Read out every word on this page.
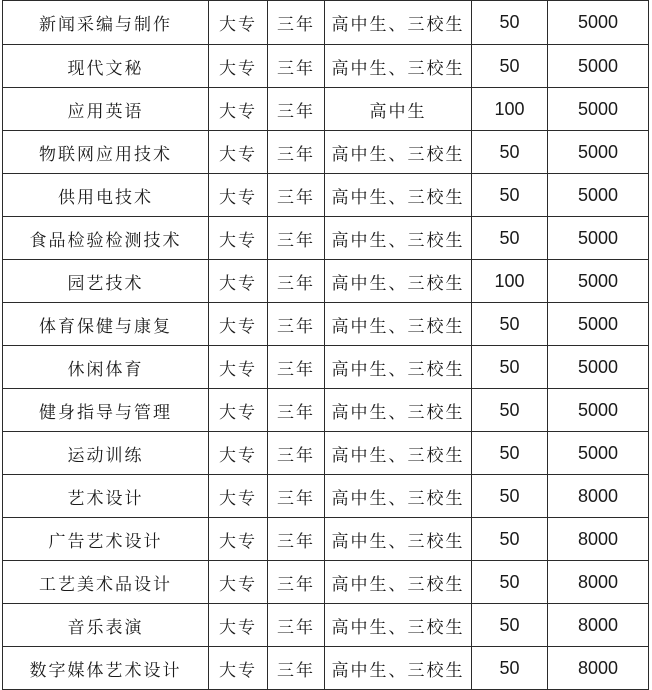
新闻采编与制作	大专	三年	高中生、三校生	50	5000
现代文秘	大专	三年	高中生、三校生	50	5000
应用英语	大专	三年	高中生	100	5000
物联网应用技术	大专	三年	高中生、三校生	50	5000
供用电技术	大专	三年	高中生、三校生	50	5000
食品检验检测技术	大专	三年	高中生、三校生	50	5000
园艺技术	大专	三年	高中生、三校生	100	5000
体育保健与康复	大专	三年	高中生、三校生	50	5000
休闲体育	大专	三年	高中生、三校生	50	5000
健身指导与管理	大专	三年	高中生、三校生	50	5000
运动训练	大专	三年	高中生、三校生	50	5000
艺术设计	大专	三年	高中生、三校生	50	8000
广告艺术设计	大专	三年	高中生、三校生	50	8000
工艺美术品设计	大专	三年	高中生、三校生	50	8000
音乐表演	大专	三年	高中生、三校生	50	8000
数字媒体艺术设计	大专	三年	高中生、三校生	50	8000
